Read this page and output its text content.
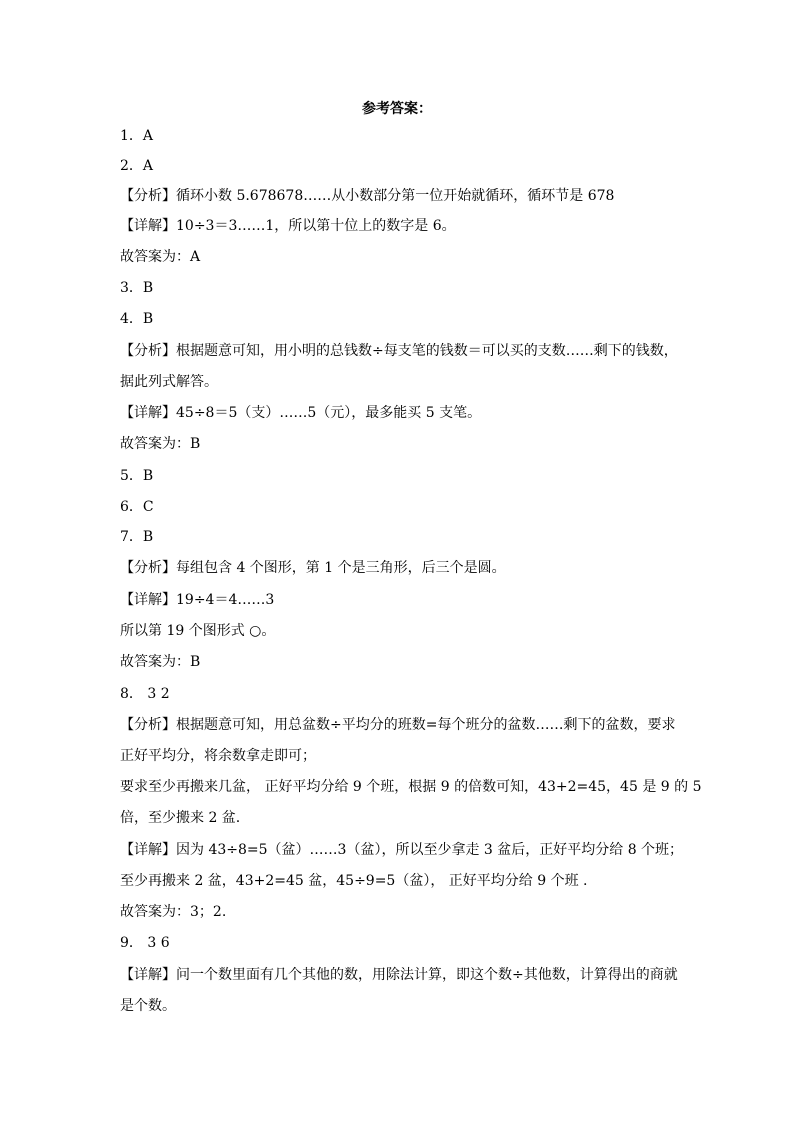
参考答案：
1．A
2．A
【分析】循环小数 5.678678……从小数部分第一位开始就循环，循环节是 678
【详解】10÷3＝3……1，所以第十位上的数字是 6。
故答案为：A
3．B
4．B
【分析】根据题意可知，用小明的总钱数÷每支笔的钱数＝可以买的支数……剩下的钱数，
据此列式解答。
【详解】45÷8＝5（支）……5（元），最多能买 5 支笔。
故答案为：B
5．B
6．C
7．B
【分析】每组包含 4 个图形，第 1 个是三角形，后三个是圆。
【详解】19÷4＝4……3
所以第 19 个图形式 ○。
故答案为：B
8． 3 2
【分析】根据题意可知，用总盆数÷平均分的班数=每个班分的盆数……剩下的盆数，要求
正好平均分，将余数拿走即可；
要求至少再搬来几盆， 正好平均分给 9 个班，根据 9 的倍数可知，43+2=45，45 是 9 的 5
倍，至少搬来 2 盆.
【详解】因为 43÷8=5（盆）……3（盆），所以至少拿走 3 盆后，正好平均分给 8 个班；
至少再搬来 2 盆，43+2=45 盆，45÷9=5（盆）， 正好平均分给 9 个班 .
故答案为：3；2.
9． 3 6
【详解】问一个数里面有几个其他的数，用除法计算，即这个数÷其他数，计算得出的商就
是个数。
